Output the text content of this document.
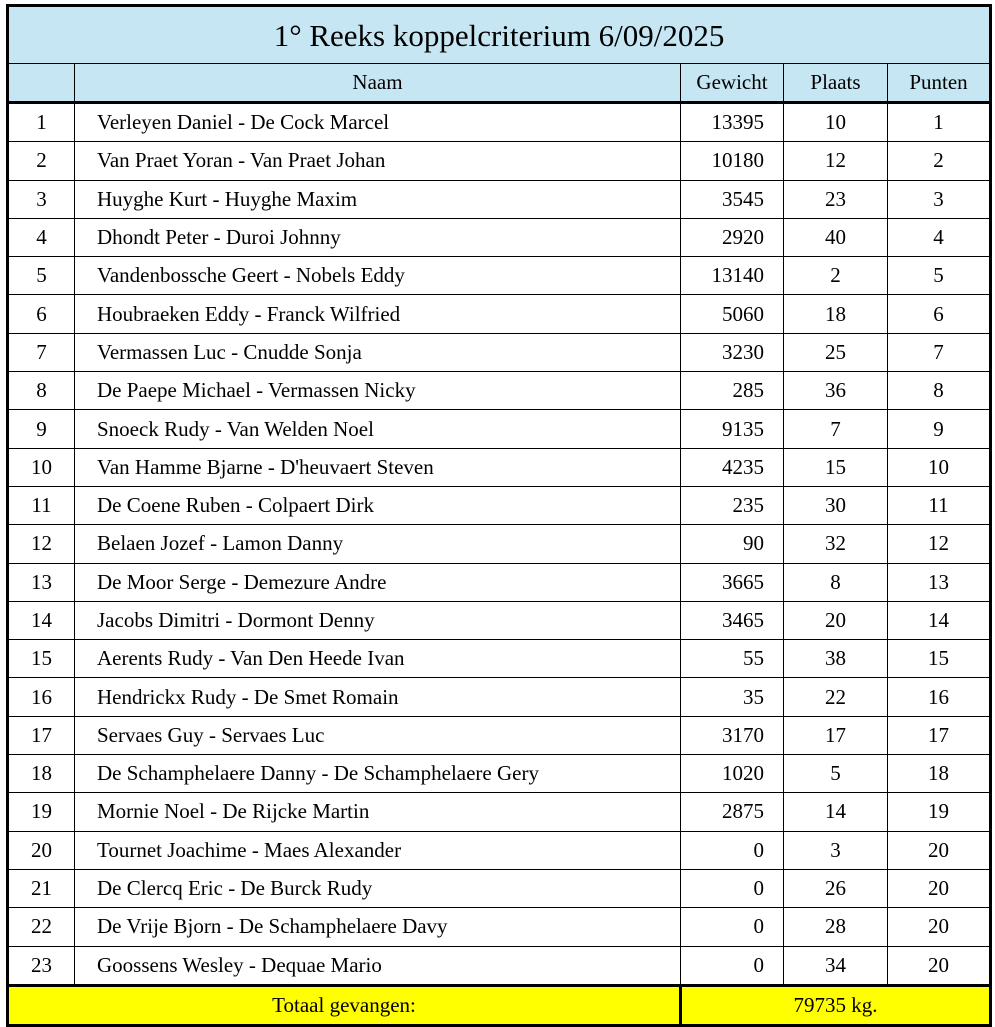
1° Reeks koppelcriterium 6/09/2025				
	Naam	Gewicht	Plaats	Punten
1	Verleyen Daniel - De Cock Marcel	13395	10	1
2	Van Praet Yoran - Van Praet Johan	10180	12	2
3	Huyghe Kurt - Huyghe Maxim	3545	23	3
4	Dhondt Peter - Duroi Johnny	2920	40	4
5	Vandenbossche Geert - Nobels Eddy	13140	2	5
6	Houbraeken Eddy - Franck Wilfried	5060	18	6
7	Vermassen Luc - Cnudde Sonja	3230	25	7
8	De Paepe Michael - Vermassen Nicky	285	36	8
9	Snoeck Rudy - Van Welden Noel	9135	7	9
10	Van Hamme Bjarne - D'heuvaert Steven	4235	15	10
11	De Coene Ruben - Colpaert Dirk	235	30	11
12	Belaen Jozef - Lamon Danny	90	32	12
13	De Moor Serge - Demezure Andre	3665	8	13
14	Jacobs Dimitri - Dormont Denny	3465	20	14
15	Aerents Rudy - Van Den Heede Ivan	55	38	15
16	Hendrickx Rudy - De Smet Romain	35	22	16
17	Servaes Guy - Servaes Luc	3170	17	17
18	De Schamphelaere Danny - De Schamphelaere Gery	1020	5	18
19	Mornie Noel - De Rijcke Martin	2875	14	19
20	Tournet Joachime - Maes Alexander	0	3	20
21	De Clercq Eric - De Burck Rudy	0	26	20
22	De Vrije Bjorn - De Schamphelaere Davy	0	28	20
23	Goossens Wesley - Dequae Mario	0	34	20
Totaal gevangen:		79735 kg.		
